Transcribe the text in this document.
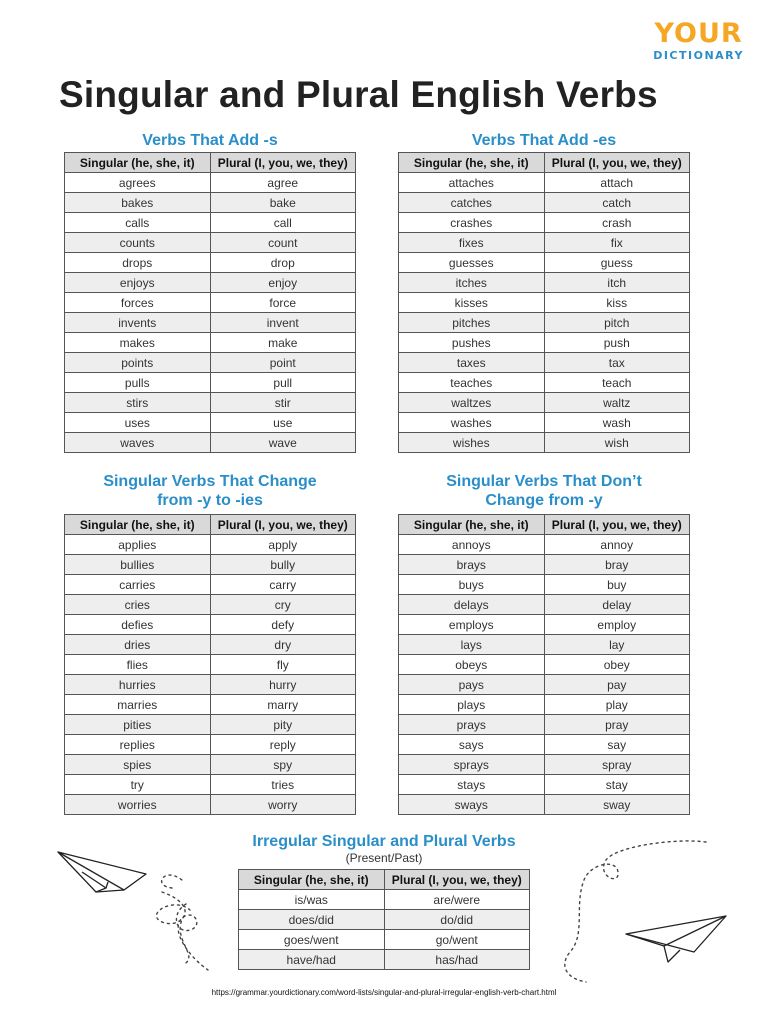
YOUR
DICTIONARY
Singular and Plural English Verbs
Verbs That Add -s
Singular (he, she, it)	Plural (I, you, we, they)
agrees	agree
bakes	bake
calls	call
counts	count
drops	drop
enjoys	enjoy
forces	force
invents	invent
makes	make
points	point
pulls	pull
stirs	stir
uses	use
waves	wave
Verbs That Add -es
Singular (he, she, it)	Plural (I, you, we, they)
attaches	attach
catches	catch
crashes	crash
fixes	fix
guesses	guess
itches	itch
kisses	kiss
pitches	pitch
pushes	push
taxes	tax
teaches	teach
waltzes	waltz
washes	wash
wishes	wish
Singular Verbs That Change
from -y to -ies
Singular (he, she, it)	Plural (I, you, we, they)
applies	apply
bullies	bully
carries	carry
cries	cry
defies	defy
dries	dry
flies	fly
hurries	hurry
marries	marry
pities	pity
replies	reply
spies	spy
try	tries
worries	worry
Singular Verbs That Don’t
Change from -y
Singular (he, she, it)	Plural (I, you, we, they)
annoys	annoy
brays	bray
buys	buy
delays	delay
employs	employ
lays	lay
obeys	obey
pays	pay
plays	play
prays	pray
says	say
sprays	spray
stays	stay
sways	sway
Irregular Singular and Plural Verbs
(Present/Past)
Singular (he, she, it)	Plural (I, you, we, they)
is/was	are/were
does/did	do/did
goes/went	go/went
have/had	has/had
https://grammar.yourdictionary.com/word-lists/singular-and-plural-irregular-english-verb-chart.html
